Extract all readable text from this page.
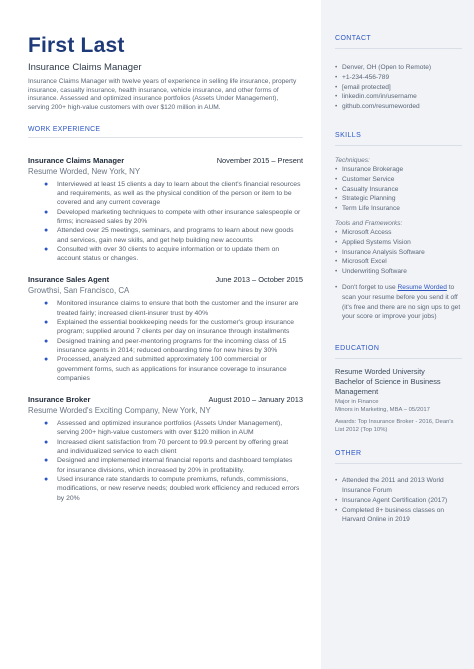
First Last
Insurance Claims Manager
Insurance Claims Manager with twelve years of experience in selling life insurance, property insurance, casualty insurance, health insurance, vehicle insurance, and other forms of insurance. Assessed and optimized insurance portfolios (Assets Under Management), serving 200+ high-value customers with over $120 million in AUM.
WORK EXPERIENCE
Insurance Claims Manager	November 2015 – Present
Resume Worded, New York, NY
● Interviewed at least 15 clients a day to learn about the client's financial resources and requirements, as well as the physical condition of the person or item to be covered and any current coverage
● Developed marketing techniques to compete with other insurance salespeople or firms; increased sales by 20%
● Attended over 25 meetings, seminars, and programs to learn about new goods and services, gain new skills, and get help building new accounts
● Consulted with over 30 clients to acquire information or to update them on account status or changes.
Insurance Sales Agent	June 2013 – October 2015
Growthsi, San Francisco, CA
● Monitored insurance claims to ensure that both the customer and the insurer are treated fairly; increased client-insurer trust by 40%
● Explained the essential bookkeeping needs for the customer's group insurance program; supplied around 7 clients per day on insurance through installments
● Designed training and peer-mentoring programs for the incoming class of 15 insurance agents in 2014; reduced onboarding time for new hires by 30%
● Processed, analyzed and submitted approximately 100 commercial or government forms, such as applications for insurance coverage to insurance companies
Insurance Broker	August 2010 – January 2013
Resume Worded's Exciting Company, New York, NY
● Assessed and optimized insurance portfolios (Assets Under Management), serving 200+ high-value customers with over $120 million in AUM
● Increased client satisfaction from 70 percent to 99.9 percent by offering great and individualized service to each client
● Designed and implemented internal financial reports and dashboard templates for insurance divisions, which increased by 20% in profitability.
● Used insurance rate standards to compute premiums, refunds, commissions, modifications, or new reserve needs; doubled work efficiency and reduced errors by 20%
CONTACT
• Denver, OH (Open to Remote)
• +1-234-456-789
• [email protected]
• linkedin.com/in/username
• github.com/resumeworded
SKILLS
Techniques:
• Insurance Brokerage
• Customer Service
• Casualty Insurance
• Strategic Planning
• Term Life Insurance
Tools and Frameworks:
• Microsoft Access
• Applied Systems Vision
• Insurance Analysis Software
• Microsoft Excel
• Underwriting Software
• Don't forget to use Resume Worded to scan your resume before you send it off (it's free and there are no sign ups to get your score or improve your jobs)
EDUCATION
Resume Worded University
Bachelor of Science in Business Management
Major in Finance
Minors in Marketing, MBA – 05/2017
Awards: Top Insurance Broker - 2016, Dean's List 2012 (Top 10%)
OTHER
• Attended the 2011 and 2013 World Insurance Forum
• Insurance Agent Certification (2017)
• Completed 8+ business classes on Harvard Online in 2019
